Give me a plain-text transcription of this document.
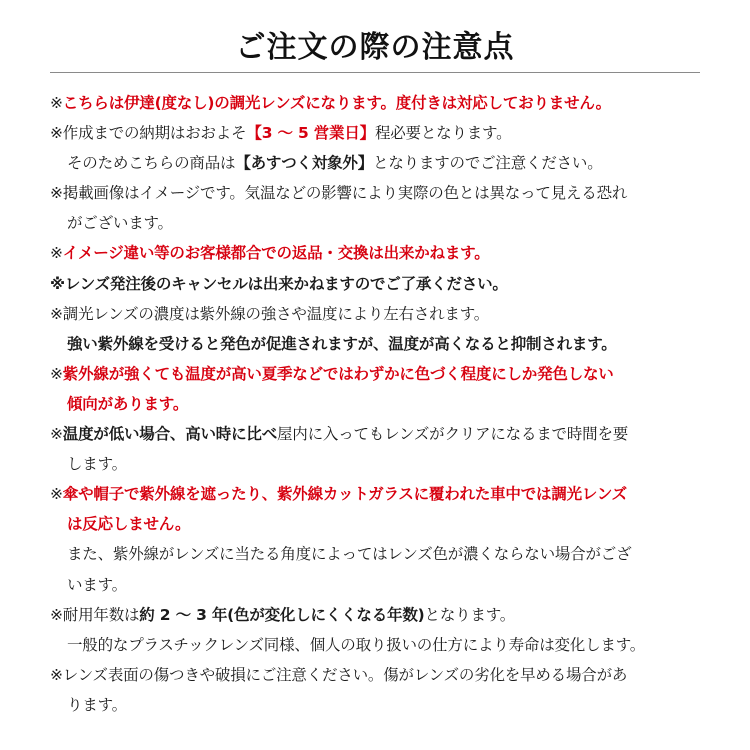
ご注文の際の注意点
※こちらは伊達(度なし)の調光レンズになります。度付きは対応しておりません。
※作成までの納期はおおよそ【3 〜 5 営業日】程必要となります。
そのためこちらの商品は【あすつく対象外】となりますのでご注意ください。
※掲載画像はイメージです。気温などの影響により実際の色とは異なって見える恐れ
がございます。
※イメージ違い等のお客様都合での返品・交換は出来かねます。
※レンズ発注後のキャンセルは出来かねますのでご了承ください。
※調光レンズの濃度は紫外線の強さや温度により左右されます。
強い紫外線を受けると発色が促進されますが、温度が高くなると抑制されます。
※紫外線が強くても温度が高い夏季などではわずかに色づく程度にしか発色しない
傾向があります。
※温度が低い場合、高い時に比べ屋内に入ってもレンズがクリアになるまで時間を要
します。
※傘や帽子で紫外線を遮ったり、紫外線カットガラスに覆われた車中では調光レンズ
は反応しません。
また、紫外線がレンズに当たる角度によってはレンズ色が濃くならない場合がござ
います。
※耐用年数は約 2 〜 3 年(色が変化しにくくなる年数)となります。
一般的なプラスチックレンズ同様、個人の取り扱いの仕方により寿命は変化します。
※レンズ表面の傷つきや破損にご注意ください。傷がレンズの劣化を早める場合があ
ります。
